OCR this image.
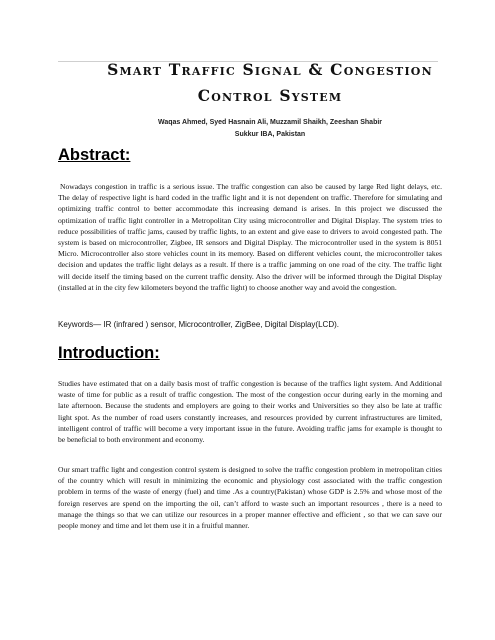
Smart Traffic Signal & Congestion
Control System
Waqas Ahmed, Syed Hasnain Ali, Muzzamil Shaikh, Zeeshan Shabir
Sukkur IBA, Pakistan
Abstract:

Nowadays congestion in traffic is a serious issue. The traffic congestion can also be caused by large Red light delays, etc. The delay of respective light is hard coded in the traffic light and it is not dependent on traffic. Therefore for simulating and optimizing traffic control to better accommodate this increasing demand is arises. In this project we discussed the optimization of traffic light controller in a Metropolitan City using microcontroller and Digital Display. The system tries to reduce possibilities of traffic jams, caused by traffic lights, to an extent and give ease to drivers to avoid congested path. The system is based on microcontroller, Zigbee, IR sensors and Digital Display. The microcontroller used in the system is 8051 Micro. Microcontroller also store vehicles count in its memory. Based on different vehicles count, the microcontroller takes decision and updates the traffic light delays as a result. If there is a traffic jamming on one road of the city. The traffic light will decide itself the timing based on the current traffic density. Also the driver will be informed through the Digital Display (installed at in the city few kilometers beyond the traffic light) to choose another way and avoid the congestion.

Keywords— IR (infrared ) sensor, Microcontroller, ZigBee, Digital Display(LCD).
Introduction:

Studies have estimated that on a daily basis most of traffic congestion is because of the traffics light system. And Additional waste of time for public as a result of traffic congestion. The most of the congestion occur during early in the morning and late afternoon. Because the students and employers are going to their works and Universities so they also be late at traffic light spot. As the number of road users constantly increases, and resources provided by current infrastructures are limited, intelligent control of traffic will become a very important issue in the future. Avoiding traffic jams for example is thought to be beneficial to both environment and economy.

Our smart traffic light and congestion control system is designed to solve the traffic congestion problem in metropolitan cities of the country which will result in minimizing the economic and physiology cost associated with the traffic congestion problem in terms of the waste of energy (fuel) and time .As a country(Pakistan) whose GDP is 2.5% and whose most of the foreign reserves are spend on the importing the oil, can’t afford to waste such an important resources , there is a need to manage the things so that we can utilize our resources in a proper manner effective and efficient , so that we can save our people money and time and let them use it in a fruitful manner.
